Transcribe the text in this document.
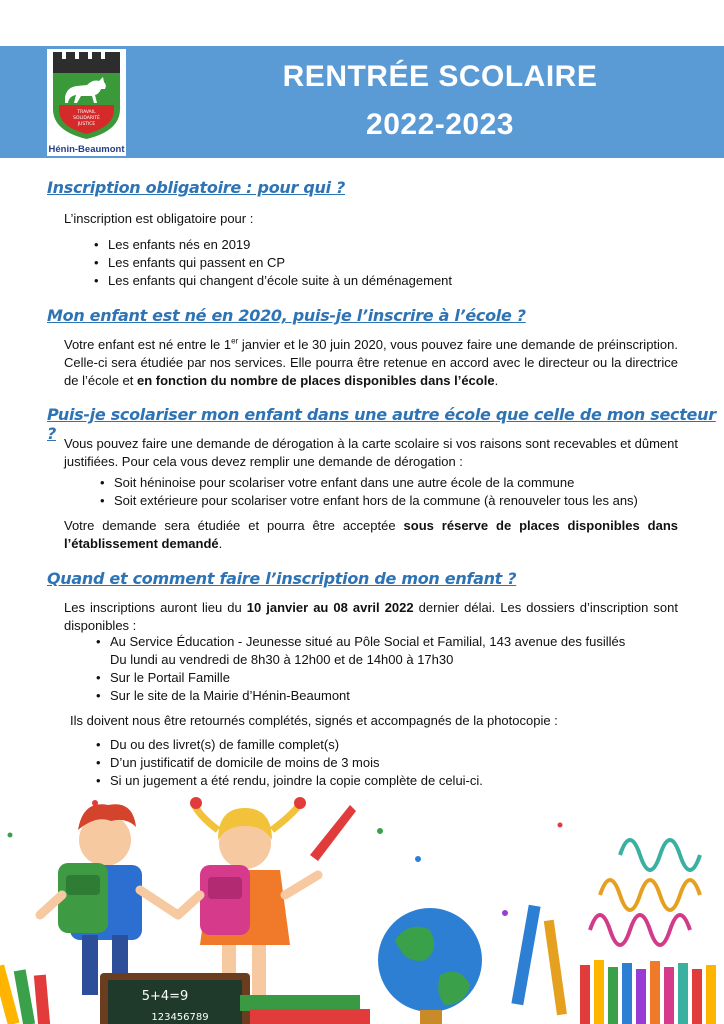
TRAVAIL
SOLIDARITÉ
JUSTICE
Hénin-Beaumont
RENTRÉE SCOLAIRE
2022-2023
Inscription obligatoire : pour qui ?

L’inscription est obligatoire pour :

• Les enfants nés en 2019
• Les enfants qui passent en CP
• Les enfants qui changent d’école suite à un déménagement
Mon enfant est né en 2020, puis-je l’inscrire à l’école ?

Votre enfant est né entre le 1er janvier et le 30 juin 2020, vous pouvez faire une demande de préinscription. Celle-ci sera étudiée par nos services. Elle pourra être retenue en accord avec le directeur ou la directrice de l’école et en fonction du nombre de places disponibles dans l’école.

Puis-je scolariser mon enfant dans une autre école que celle de mon secteur ?

Vous pouvez faire une demande de dérogation à la carte scolaire si vos raisons sont recevables et dûment justifiées. Pour cela vous devez remplir une demande de dérogation :

• Soit héninoise pour scolariser votre enfant dans une autre école de la commune
• Soit extérieure pour scolariser votre enfant hors de la commune (à renouveler tous les ans)

Votre demande sera étudiée et pourra être acceptée sous réserve de places disponibles dans l’établissement demandé.

Quand et comment faire l’inscription de mon enfant ?

Les inscriptions auront lieu du 10 janvier au 08 avril 2022 dernier délai. Les dossiers d’inscription sont disponibles :

• Au Service Éducation - Jeunesse situé au Pôle Social et Familial, 143 avenue des fusillés
Du lundi au vendredi de 8h30 à 12h00 et de 14h00 à 17h30
• Sur le Portail Famille
• Sur le site de la Mairie d’Hénin-Beaumont

Ils doivent nous être retournés complétés, signés et accompagnés de la photocopie :

• Du ou des livret(s) de famille complet(s)
• D’un justificatif de domicile de moins de 3 mois
• Si un jugement a été rendu, joindre la copie complète de celui-ci.
5+4=9
123456789
